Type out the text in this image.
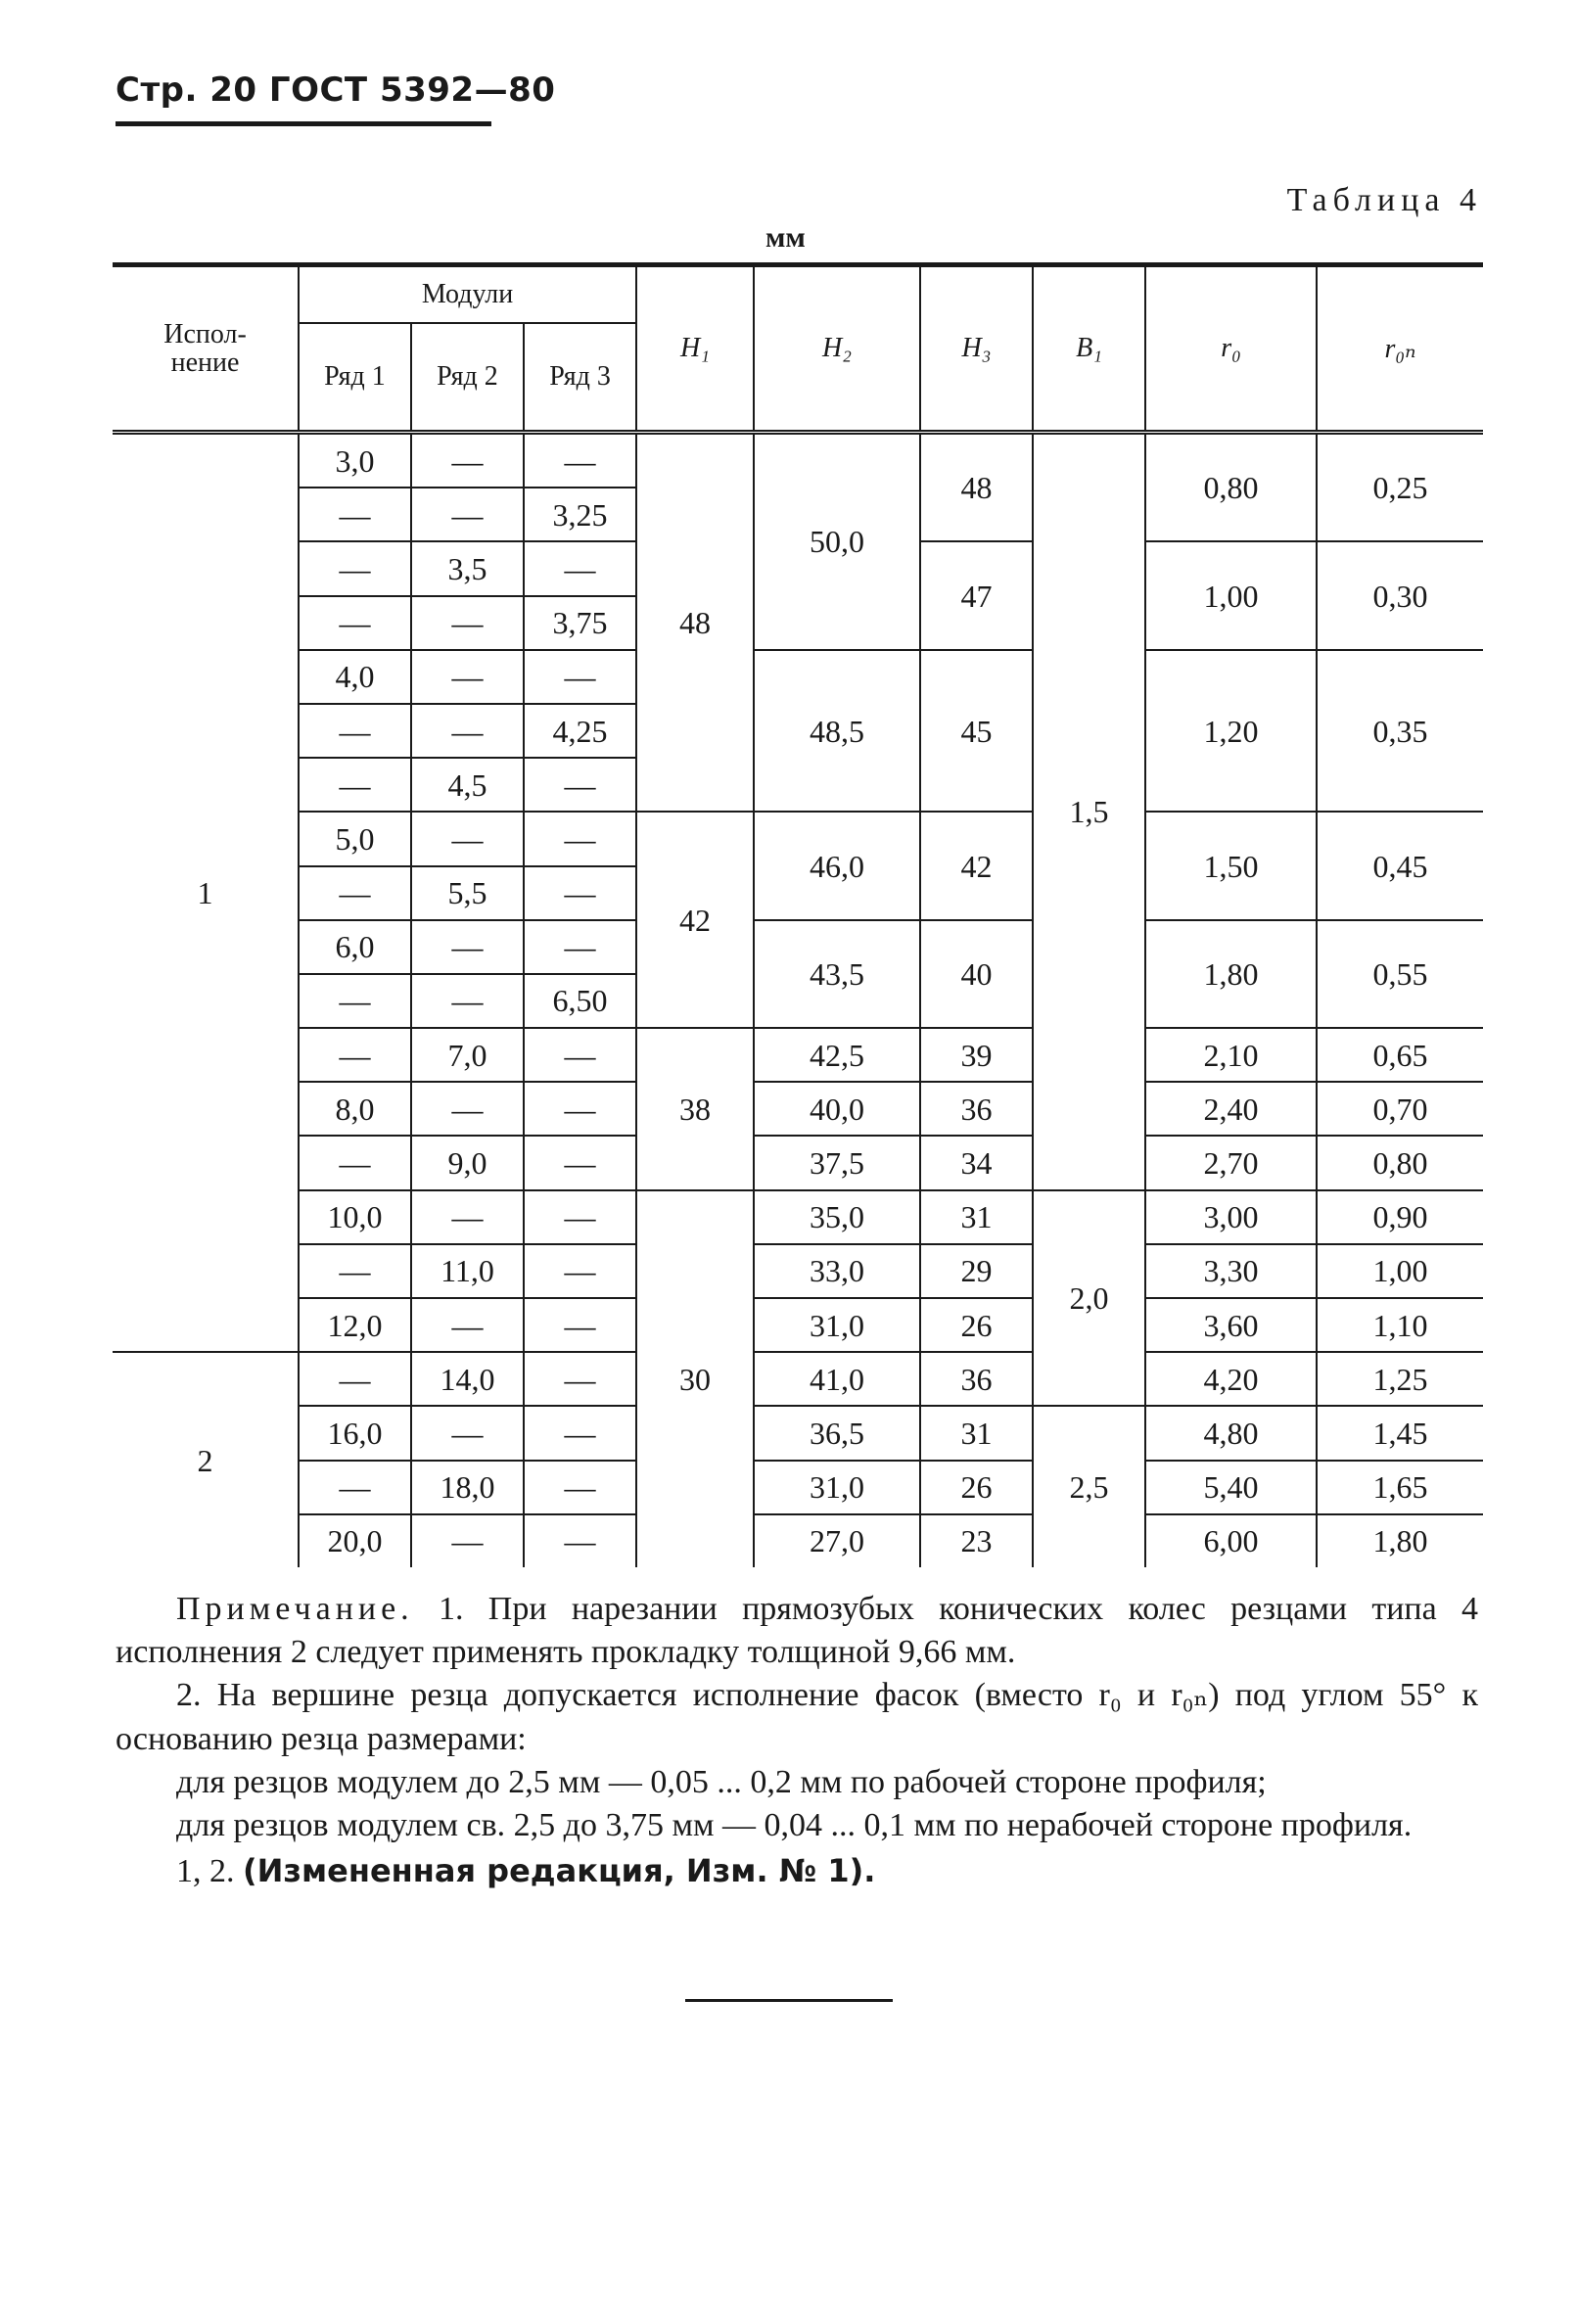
Стр. 20 ГОСТ 5392—80
Таблица 4
мм
Испол-нение	Модули			H₁	H₂	H₃	B₁	r₀	r₀ₙ
	Ряд 1	Ряд 2	Ряд 3						
1	3,0	—	—	48	50,0	48	1,5	0,80	0,25
	—	—	3,25						
	—	3,5	—			47		1,00	0,30
	—	—	3,75						
	4,0	—	—		48,5	45		1,20	0,35
	—	—	4,25						
	—	4,5	—						
	5,0	—	—	42	46,0	42		1,50	0,45
	—	5,5	—						
	6,0	—	—		43,5	40		1,80	0,55
	—	—	6,50						
	—	7,0	—	38	42,5	39		2,10	0,65
	8,0	—	—		40,0	36		2,40	0,70
	—	9,0	—		37,5	34		2,70	0,80
	10,0	—	—	30	35,0	31	2,0	3,00	0,90
	—	11,0	—		33,0	29		3,30	1,00
	12,0	—	—		31,0	26		3,60	1,10
2	—	14,0	—		41,0	36		4,20	1,25
	16,0	—	—		36,5	31	2,5	4,80	1,45
	—	18,0	—		31,0	26		5,40	1,65
	20,0	—	—		27,0	23		6,00	1,80

Примечание. 1. При нарезании прямозубых конических колес резцами типа 4 исполнения 2 следует применять прокладку толщиной 9,66 мм.

2. На вершине резца допускается исполнение фасок (вместо r₀ и r₀ₙ) под углом 55° к основанию резца размерами:

для резцов модулем до 2,5 мм — 0,05 ... 0,2 мм по рабочей стороне профиля;

для резцов модулем св. 2,5 до 3,75 мм — 0,04 ... 0,1 мм по нерабочей стороне профиля.

1, 2. (Измененная редакция, Изм. № 1).
